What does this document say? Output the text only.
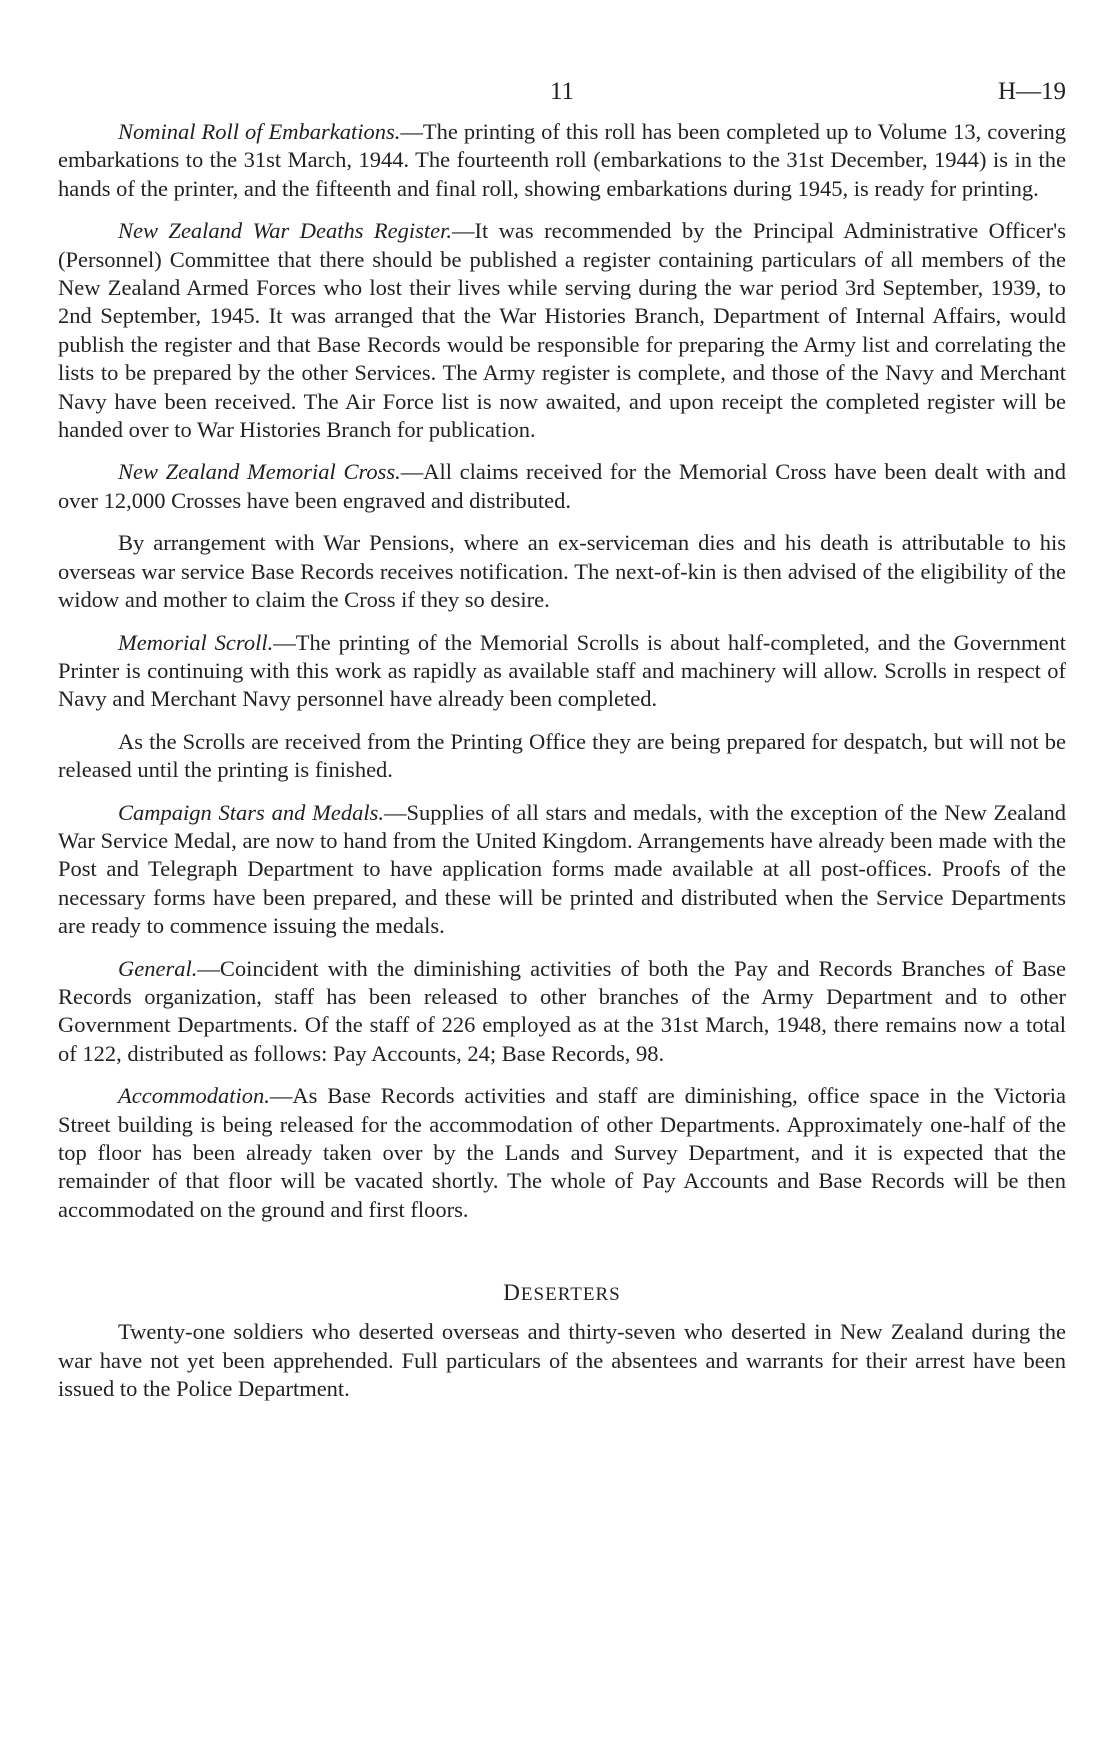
11	H—19

Nominal Roll of Embarkations.—The printing of this roll has been completed up to Volume 13, covering embarkations to the 31st March, 1944. The fourteenth roll (embarkations to the 31st December, 1944) is in the hands of the printer, and the fifteenth and final roll, showing embarkations during 1945, is ready for printing.

New Zealand War Deaths Register.—It was recommended by the Principal Administrative Officer's (Personnel) Committee that there should be published a register containing particulars of all members of the New Zealand Armed Forces who lost their lives while serving during the war period 3rd September, 1939, to 2nd September, 1945. It was arranged that the War Histories Branch, Department of Internal Affairs, would publish the register and that Base Records would be responsible for preparing the Army list and correlating the lists to be prepared by the other Services. The Army register is complete, and those of the Navy and Merchant Navy have been received. The Air Force list is now awaited, and upon receipt the completed register will be handed over to War Histories Branch for publication.

New Zealand Memorial Cross.—All claims received for the Memorial Cross have been dealt with and over 12,000 Crosses have been engraved and distributed.

By arrangement with War Pensions, where an ex-serviceman dies and his death is attributable to his overseas war service Base Records receives notification. The next-of-kin is then advised of the eligibility of the widow and mother to claim the Cross if they so desire.

Memorial Scroll.—The printing of the Memorial Scrolls is about half-completed, and the Government Printer is continuing with this work as rapidly as available staff and machinery will allow. Scrolls in respect of Navy and Merchant Navy personnel have already been completed.

As the Scrolls are received from the Printing Office they are being prepared for despatch, but will not be released until the printing is finished.

Campaign Stars and Medals.—Supplies of all stars and medals, with the exception of the New Zealand War Service Medal, are now to hand from the United Kingdom. Arrangements have already been made with the Post and Telegraph Department to have application forms made available at all post-offices. Proofs of the necessary forms have been prepared, and these will be printed and distributed when the Service Departments are ready to commence issuing the medals.

General.—Coincident with the diminishing activities of both the Pay and Records Branches of Base Records organization, staff has been released to other branches of the Army Department and to other Government Departments. Of the staff of 226 employed as at the 31st March, 1948, there remains now a total of 122, distributed as follows: Pay Accounts, 24; Base Records, 98.

Accommodation.—As Base Records activities and staff are diminishing, office space in the Victoria Street building is being released for the accommodation of other Departments. Approximately one-half of the top floor has been already taken over by the Lands and Survey Department, and it is expected that the remainder of that floor will be vacated shortly. The whole of Pay Accounts and Base Records will be then accommodated on the ground and first floors.

DESERTERS

Twenty-one soldiers who deserted overseas and thirty-seven who deserted in New Zealand during the war have not yet been apprehended. Full particulars of the absentees and warrants for their arrest have been issued to the Police Department.
